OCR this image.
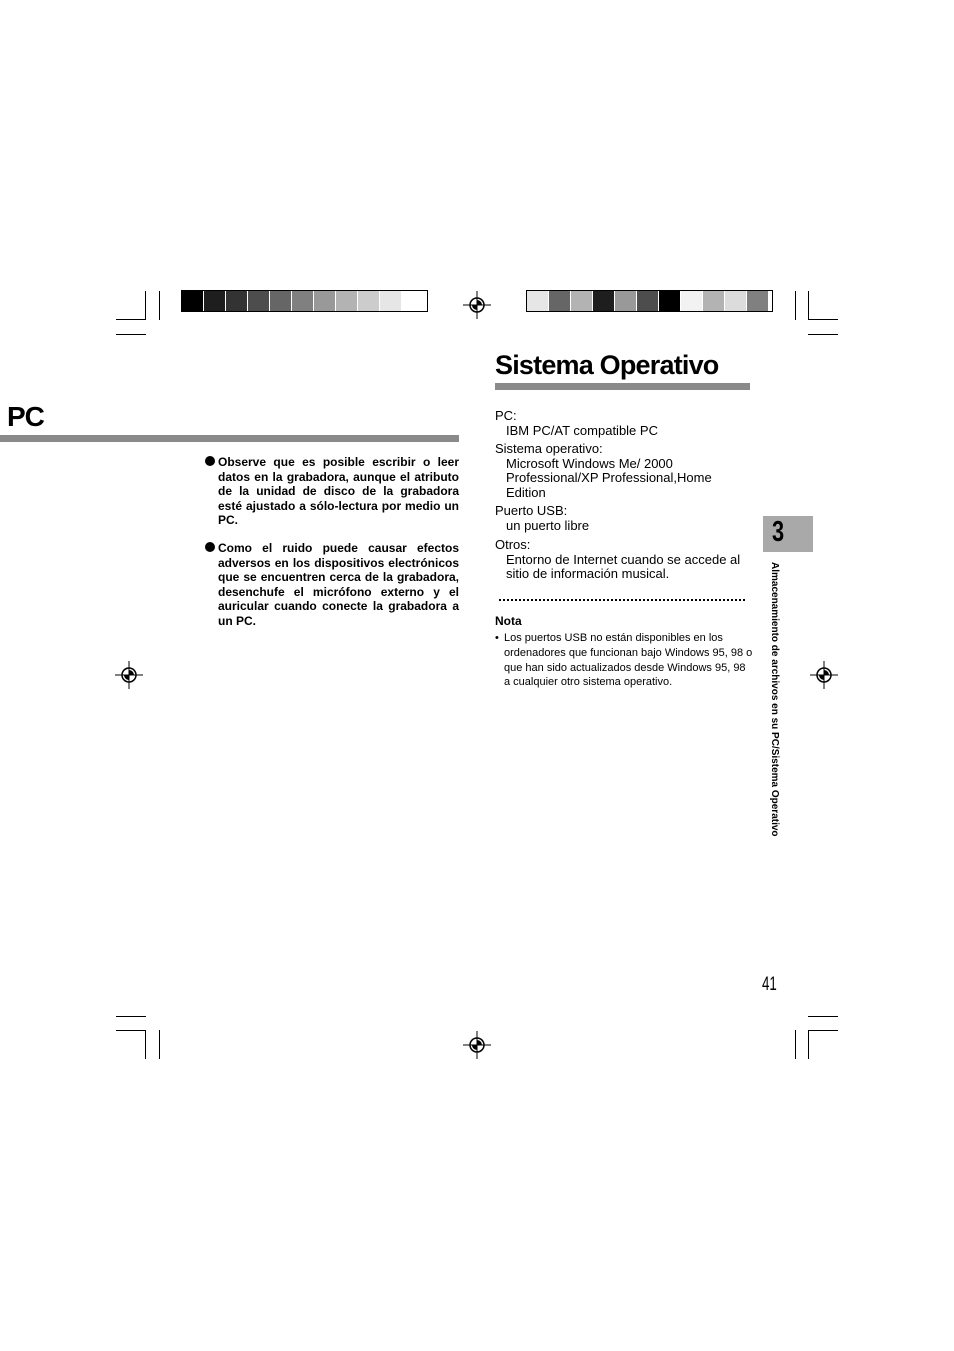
PC
Observe que es posible escribir o leer datos en la grabadora, aunque el atributo de la unidad de disco de la grabadora esté ajustado a sólo-lectura por medio un PC.
Como el ruido puede causar efectos adversos en los dispositivos electrónicos que se encuentren cerca de la grabadora, desenchufe el micrófono externo y el auricular cuando conecte la grabadora a un PC.
Sistema Operativo
PC:
IBM PC/AT compatible PC
Sistema operativo:
Microsoft Windows Me/ 2000 Professional/XP Professional,Home Edition
Puerto USB:
un puerto libre
Otros:
Entorno de Internet cuando se accede al sitio de información musical.
Nota
• Los puertos USB no están disponibles en los ordenadores que funcionan bajo Windows 95, 98 o que han sido actualizados desde Windows 95, 98 a cualquier otro sistema operativo.
3
Almacenamiento de archivos en su PC/Sistema Operativo
41
